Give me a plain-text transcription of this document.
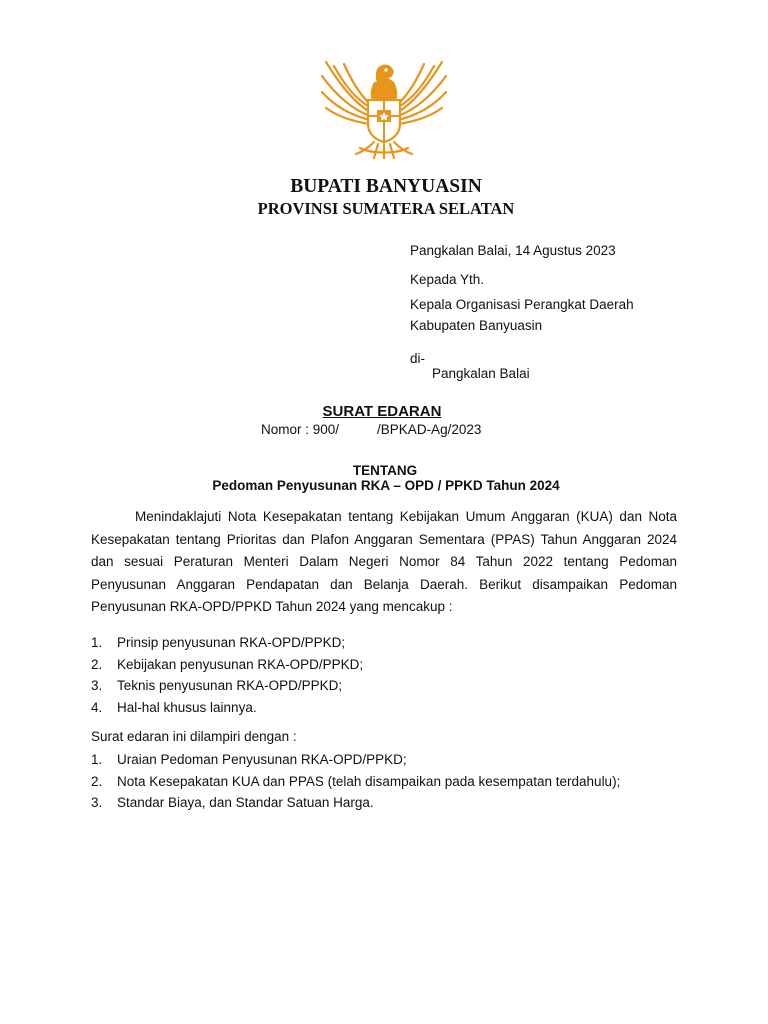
BUPATI BANYUASIN
PROVINSI SUMATERA SELATAN
Pangkalan Balai, 14 Agustus 2023
Kepada Yth.
Kepala Organisasi Perangkat Daerah
Kabupaten Banyuasin
di-
Pangkalan Balai
SURAT EDARAN
Nomor : 900/	/BPKAD-Ag/2023
TENTANG
Pedoman Penyusunan RKA – OPD / PPKD Tahun 2024
Menindaklajuti Nota Kesepakatan tentang Kebijakan Umum Anggaran (KUA) dan Nota Kesepakatan tentang Prioritas dan Plafon Anggaran Sementara (PPAS) Tahun Anggaran 2024 dan sesuai Peraturan Menteri Dalam Negeri Nomor 84 Tahun 2022 tentang Pedoman Penyusunan Anggaran Pendapatan dan Belanja Daerah. Berikut disampaikan Pedoman Penyusunan RKA-OPD/PPKD Tahun 2024 yang mencakup :
1. Prinsip penyusunan RKA-OPD/PPKD;
2. Kebijakan penyusunan RKA-OPD/PPKD;
3. Teknis penyusunan RKA-OPD/PPKD;
4. Hal-hal khusus lainnya.
Surat edaran ini dilampiri dengan :
1. Uraian Pedoman Penyusunan RKA-OPD/PPKD;
2. Nota Kesepakatan KUA dan PPAS (telah disampaikan pada kesempatan terdahulu);
3. Standar Biaya, dan Standar Satuan Harga.
